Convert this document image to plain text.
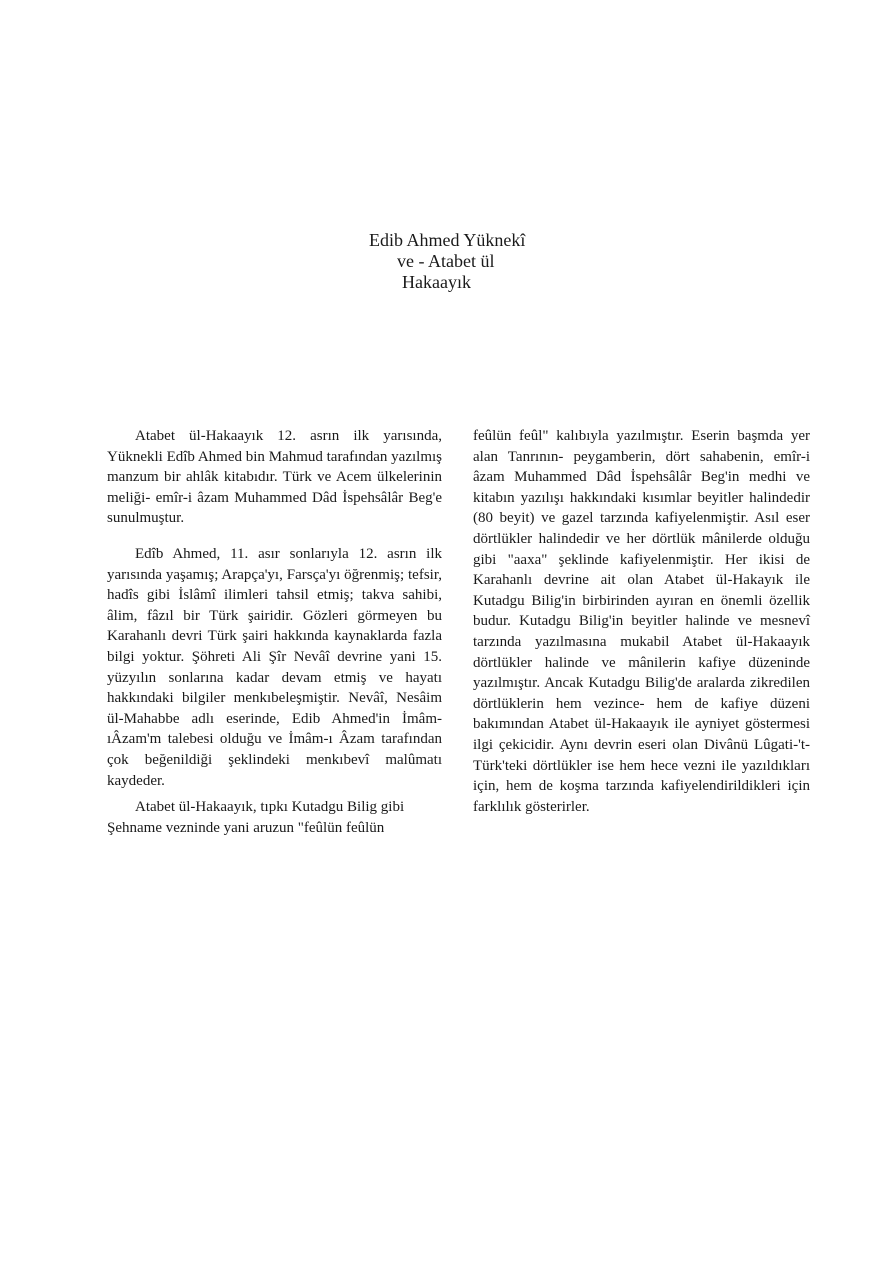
Edib Ahmed Yüknekî
ve - Atabet ül
Hakaayık

Atabet ül-Hakaayık 12. asrın ilk yarısında, Yüknekli Edîb Ahmed bin Mahmud tarafından yazılmış manzum bir ahlâk kitabıdır. Türk ve Acem ülkelerinin meliği- emîr-i âzam Muhammed Dâd İspehsâlâr Beg'e sunulmuştur.

Edîb Ahmed, 11. asır sonlarıyla 12. asrın ilk yarısında yaşamış; Arapça'yı, Farsça'yı öğrenmiş; tefsir, hadîs gibi İslâmî ilimleri tahsil etmiş; takva sahibi, âlim, fâzıl bir Türk şairidir. Gözleri görmeyen bu Karahanlı devri Türk şairi hakkında kaynaklarda fazla bilgi yoktur. Şöhreti Ali Şîr Nevâî devrine yani 15. yüzyılın sonlarına kadar devam etmiş ve hayatı hakkındaki bilgiler menkıbeleşmiştir. Nevâî, Nesâim ül-Mahabbe adlı eserinde, Edib Ahmed'in İmâm-ıÂzam'm talebesi olduğu ve İmâm-ı Âzam tarafından çok beğenildiği şeklindeki menkıbevî malûmatı kaydeder.

Atabet ül-Hakaayık, tıpkı Kutadgu Bilig gibi Şehname vezninde yani aruzun "feûlün feûlün

feûlün feûl" kalıbıyla yazılmıştır. Eserin başmda yer alan Tanrının- peygamberin, dört sahabenin, emîr-i âzam Muhammed Dâd İspehsâlâr Beg'in medhi ve kitabın yazılışı hakkındaki kısımlar beyitler halindedir (80 beyit) ve gazel tarzında kafiyelenmiştir. Asıl eser dörtlükler halindedir ve her dörtlük mânilerde olduğu gibi "aaxa" şeklinde kafiyelenmiştir. Her ikisi de Karahanlı devrine ait olan Atabet ül-Hakayık ile Kutadgu Bilig'in birbirinden ayıran en önemli özellik budur. Kutadgu Bilig'in beyitler halinde ve mesnevî tarzında yazılmasına mukabil Atabet ül-Hakaayık dörtlükler halinde ve mânilerin kafiye düzeninde yazılmıştır. Ancak Kutadgu Bilig'de aralarda zikredilen dörtlüklerin hem vezince- hem de kafiye düzeni bakımından Atabet ül-Hakaayık ile ayniyet göstermesi ilgi çekicidir. Aynı devrin eseri olan Divânü Lûgati-'t-Türk'teki dörtlükler ise hem hece vezni ile yazıldıkları için, hem de koşma tarzında kafiyelendirildikleri için farklılık gösterirler.
